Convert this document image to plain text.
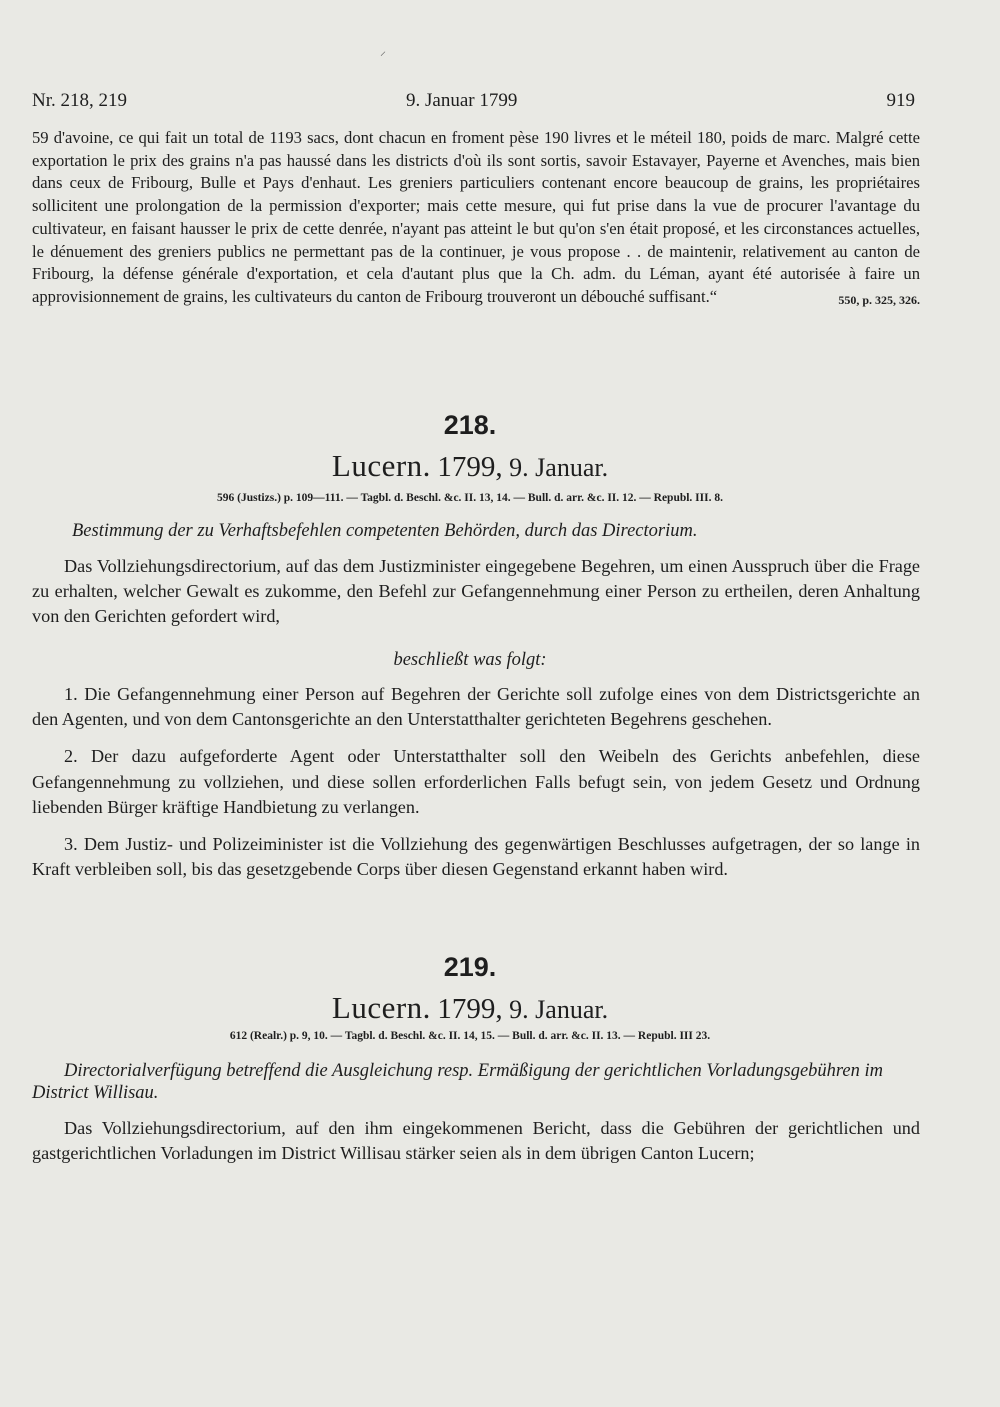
⸝
Nr. 218, 219	9. Januar 1799	919

59 d'avoine, ce qui fait un total de 1193 sacs, dont chacun en froment pèse 190 livres et le méteil 180, poids de marc. Malgré cette exportation le prix des grains n'a pas haussé dans les districts d'où ils sont sortis, savoir Estavayer, Payerne et Avenches, mais bien dans ceux de Fribourg, Bulle et Pays d'enhaut. Les greniers particuliers contenant encore beaucoup de grains, les propriétaires sollicitent une prolongation de la permission d'exporter; mais cette mesure, qui fut prise dans la vue de procurer l'avantage du cultivateur, en faisant hausser le prix de cette denrée, n'ayant pas atteint le but qu'on s'en était proposé, et les circonstances actuelles, le dénuement des greniers publics ne permettant pas de la continuer, je vous propose . . de maintenir, relativement au canton de Fribourg, la défense générale d'exportation, et cela d'autant plus que la Ch. adm. du Léman, ayant été autorisée à faire un approvisionnement de grains, les cultivateurs du canton de Fribourg trouveront un débouché suffisant.“	550, p. 325, 326.

218.
Lucern. 1799, 9. Januar.
596 (Justizs.) p. 109—111. — Tagbl. d. Beschl. &c. II. 13, 14. — Bull. d. arr. &c. II. 12. — Republ. III. 8.

Bestimmung der zu Verhaftsbefehlen competenten Behörden, durch das Directorium.

Das Vollziehungsdirectorium, auf das dem Justizminister eingegebene Begehren, um einen Ausspruch über die Frage zu erhalten, welcher Gewalt es zukomme, den Befehl zur Gefangennehmung einer Person zu ertheilen, deren Anhaltung von den Gerichten gefordert wird,

beschließt was folgt:

1. Die Gefangennehmung einer Person auf Begehren der Gerichte soll zufolge eines von dem Districtsgerichte an den Agenten, und von dem Cantonsgerichte an den Unterstatthalter gerichteten Begehrens geschehen.

2. Der dazu aufgeforderte Agent oder Unterstatthalter soll den Weibeln des Gerichts anbefehlen, diese Gefangennehmung zu vollziehen, und diese sollen erforderlichen Falls befugt sein, von jedem Gesetz und Ordnung liebenden Bürger kräftige Handbietung zu verlangen.

3. Dem Justiz- und Polizeiminister ist die Vollziehung des gegenwärtigen Beschlusses aufgetragen, der so lange in Kraft verbleiben soll, bis das gesetzgebende Corps über diesen Gegenstand erkannt haben wird.

219.
Lucern. 1799, 9. Januar.
612 (Realr.) p. 9, 10. — Tagbl. d. Beschl. &c. II. 14, 15. — Bull. d. arr. &c. II. 13. — Republ. III 23.

Directorialverfügung betreffend die Ausgleichung resp. Ermäßigung der gerichtlichen Vorladungsgebühren im District Willisau.

Das Vollziehungsdirectorium, auf den ihm eingekommenen Bericht, dass die Gebühren der gerichtlichen und gastgerichtlichen Vorladungen im District Willisau stärker seien als in dem übrigen Canton Lucern;
